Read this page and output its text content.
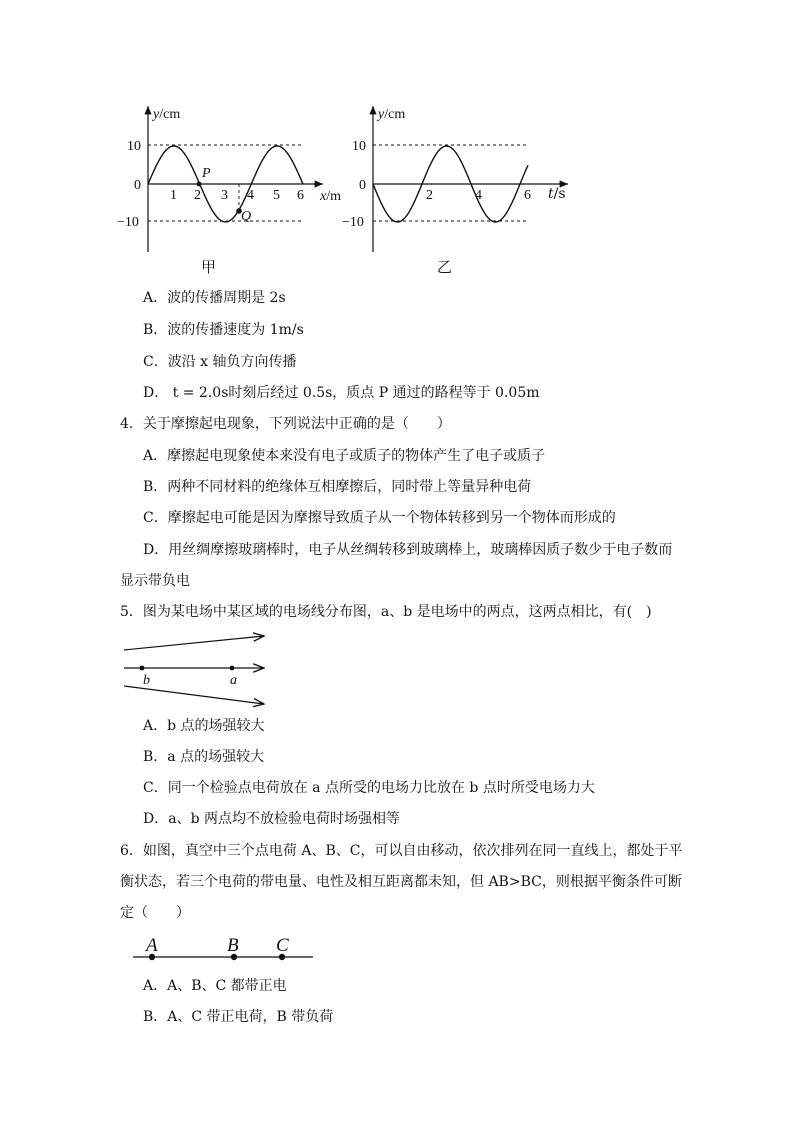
y/cm
10
0
−10
1 2 3 4 5 6 x/m
P
Q
甲
y/cm
10
0
−10
2	4	6 t/s
乙
A．波的传播周期是 2s
B．波的传播速度为 1m/s
C．波沿 x 轴负方向传播
D． t = 2.0s时刻后经过 0.5s，质点 P 通过的路程等于 0.05m
4．关于摩擦起电现象，下列说法中正确的是（　　）
A．摩擦起电现象使本来没有电子或质子的物体产生了电子或质子
B．两种不同材料的绝缘体互相摩擦后，同时带上等量异种电荷
C．摩擦起电可能是因为摩擦导致质子从一个物体转移到另一个物体而形成的
D．用丝绸摩擦玻璃棒时，电子从丝绸转移到玻璃棒上，玻璃棒因质子数少于电子数而
显示带负电
5．图为某电场中某区域的电场线分布图，a、b 是电场中的两点，这两点相比，有(　)
b	a
A．b 点的场强较大
B．a 点的场强较大
C．同一个检验点电荷放在 a 点所受的电场力比放在 b 点时所受电场力大
D．a、b 两点均不放检验电荷时场强相等
6．如图，真空中三个点电荷 A、B、C，可以自由移动，依次排列在同一直线上，都处于平
衡状态，若三个电荷的带电量、电性及相互距离都未知，但 AB>BC，则根据平衡条件可断
定（　　）
A	B C
A．A、B、C 都带正电
B．A、C 带正电荷，B 带负荷
